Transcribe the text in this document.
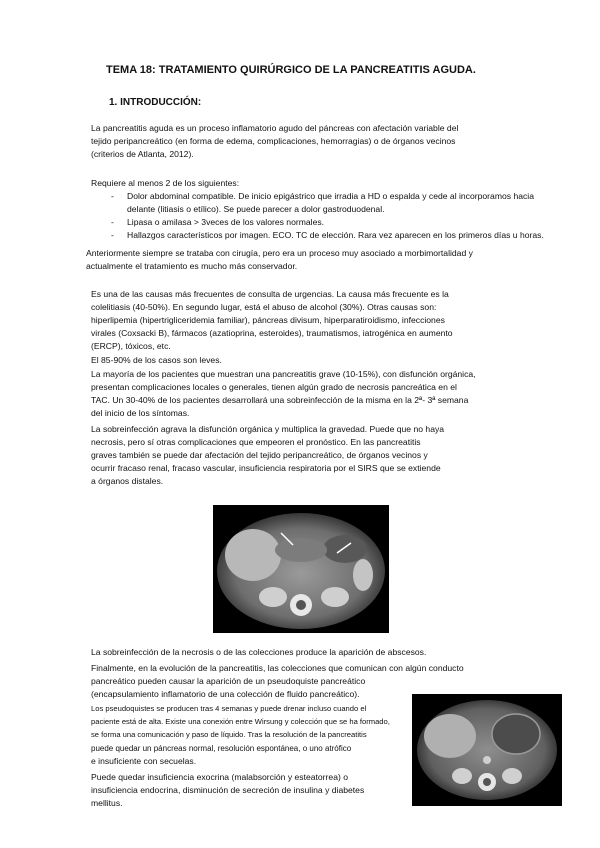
TEMA 18: TRATAMIENTO QUIRÚRGICO DE LA PANCREATITIS AGUDA.
1. INTRODUCCIÓN:

La pancreatitis aguda es un proceso inflamatorio agudo del páncreas con afectación variable del

tejido peripancreático (en forma de edema, complicaciones, hemorragias) o de órganos vecinos

(criterios de Atlanta, 2012).

Requiere al menos 2 de los siguientes:

- Dolor abdominal compatible. De inicio epigástrico que irradia a HD o espalda y cede al incorporamos hacia
delante (litiasis o etílico). Se puede parecer a dolor gastroduodenal.
- Lipasa o amilasa > 3veces de los valores normales.
- Hallazgos característicos por imagen. ECO. TC de elección. Rara vez aparecen en los primeros días u horas.

Anteriormente siempre se trataba con cirugía, pero era un proceso muy asociado a morbimortalidad y

actualmente el tratamiento es mucho más conservador.

Es una de las causas más frecuentes de consulta de urgencias. La causa más frecuente es la

colelitiasis (40-50%). En segundo lugar, está el abuso de alcohol (30%). Otras causas son:

hiperlipemia (hipertrigliceridemia familiar), páncreas divisum, hiperparatiroidismo, infecciones

virales (Coxsacki B), fármacos (azatioprina, esteroides), traumatismos, iatrogénica en aumento

(ERCP), tóxicos, etc.

El 85-90% de los casos son leves.

La mayoría de los pacientes que muestran una pancreatitis grave (10-15%), con disfunción orgánica,

presentan complicaciones locales o generales, tienen algún grado de necrosis pancreática en el

TAC. Un 30-40% de los pacientes desarrollará una sobreinfección de la misma en la 2ª- 3ª semana

del inicio de los síntomas.

La sobreinfección agrava la disfunción orgánica y multiplica la gravedad. Puede que no haya

necrosis, pero sí otras complicaciones que empeoren el pronóstico. En las pancreatitis

graves también se puede dar afectación del tejido peripancreático, de órganos vecinos y

ocurrir fracaso renal, fracaso vascular, insuficiencia respiratoria por el SIRS que se extiende

a órganos distales.

La sobreinfección de la necrosis o de las colecciones produce la aparición de abscesos.

Finalmente, en la evolución de la pancreatitis, las colecciones que comunican con algún conducto

pancreático pueden causar la aparición de un pseudoquiste pancreático

(encapsulamiento inflamatorio de una colección de fluido pancreático).

Los pseudoquistes se producen tras 4 semanas y puede drenar incluso cuando el

paciente está de alta. Existe una conexión entre Wirsung y colección que se ha formado,

se forma una comunicación y paso de líquido. Tras la resolución de la pancreatitis

puede quedar un páncreas normal, resolución espontánea, o uno atrófico

e insuficiente con secuelas.

Puede quedar insuficiencia exocrina (malabsorción y esteatorrea) o

insuficiencia endocrina, disminución de secreción de insulina y diabetes

mellitus.
